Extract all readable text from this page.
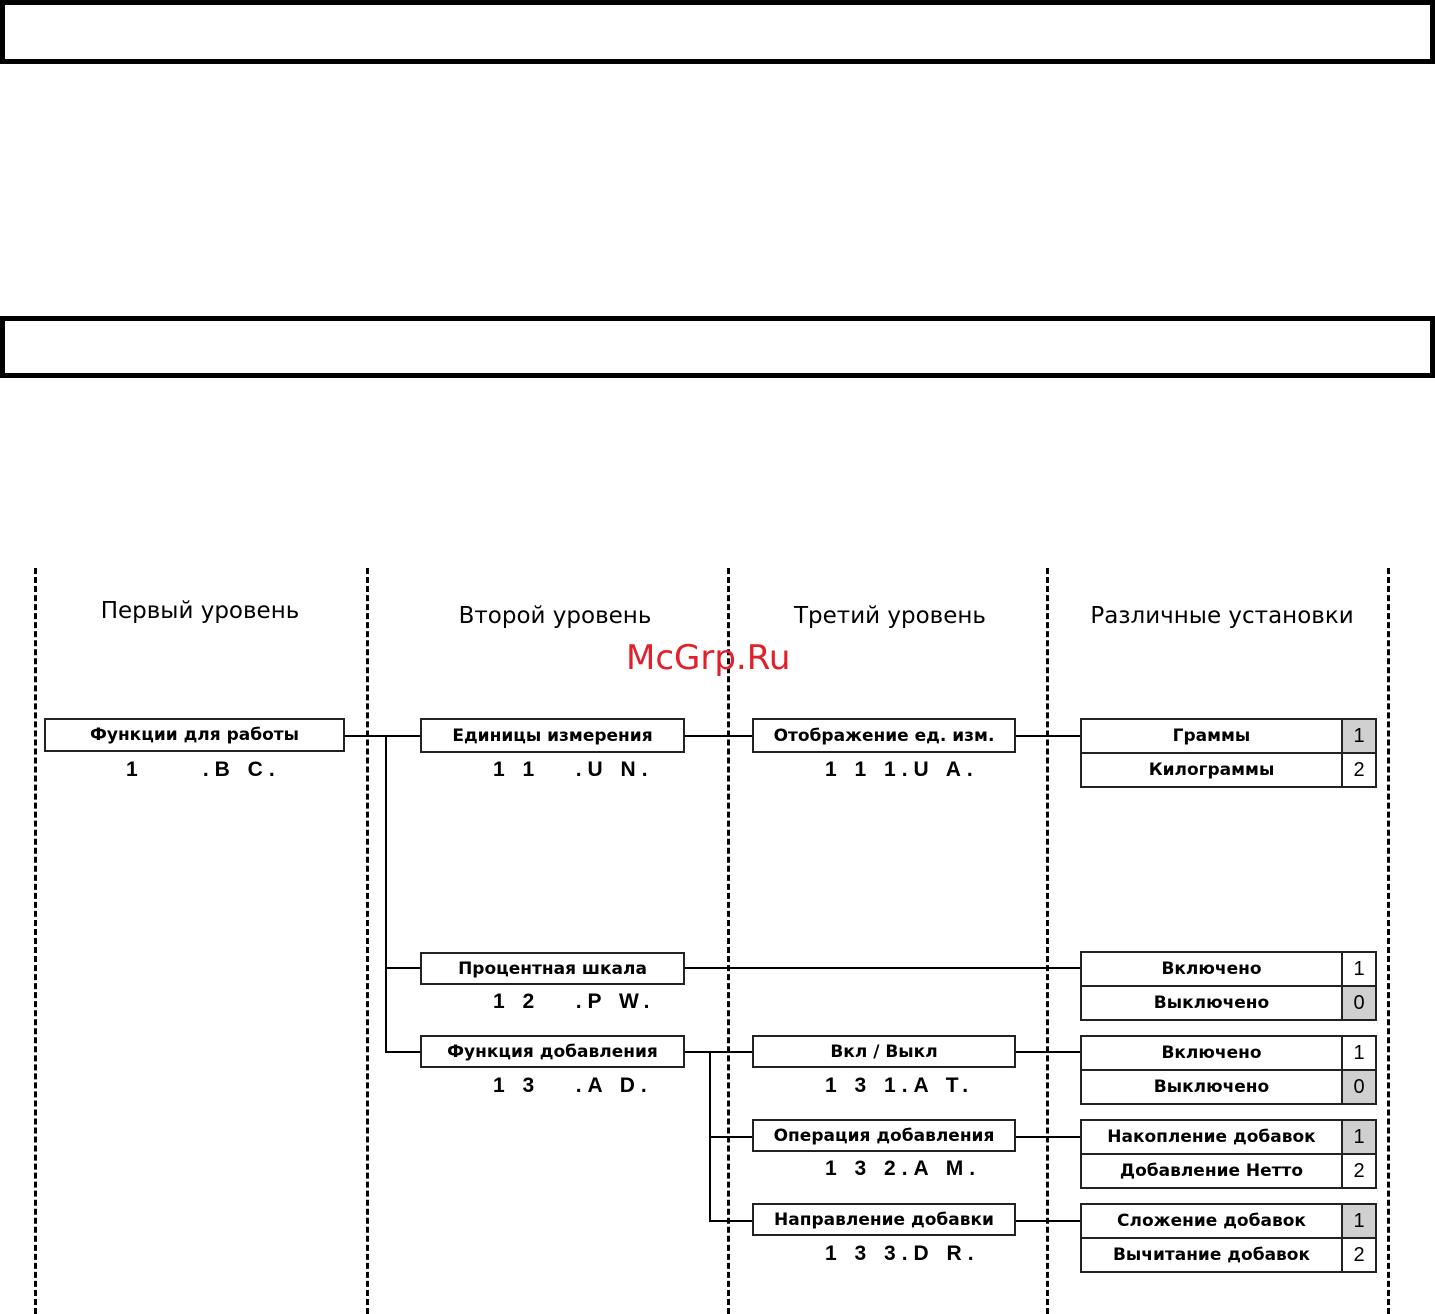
Первый уровень	Второй уровень	Третий уровень	Различные установки
McGrp.Ru
Функции для работы
1     .B C.
Единицы измерения
1 1   .U N.
Процентная шкала
1 2   .P W.
Функция добавления
1 3   .A D.
Отображение ед. изм.
1 1 1.U A.
Вкл / Выкл
1 3 1.A T.
Операция добавления
1 3 2.A M.
Направление добавки
1 3 3.D R.
Граммы	1
Килограммы	2
Включено	1
Выключено	0
Включено	1
Выключено	0
Накопление добавок	1
Добавление Нетто	2
Сложение добавок	1
Вычитание добавок	2
